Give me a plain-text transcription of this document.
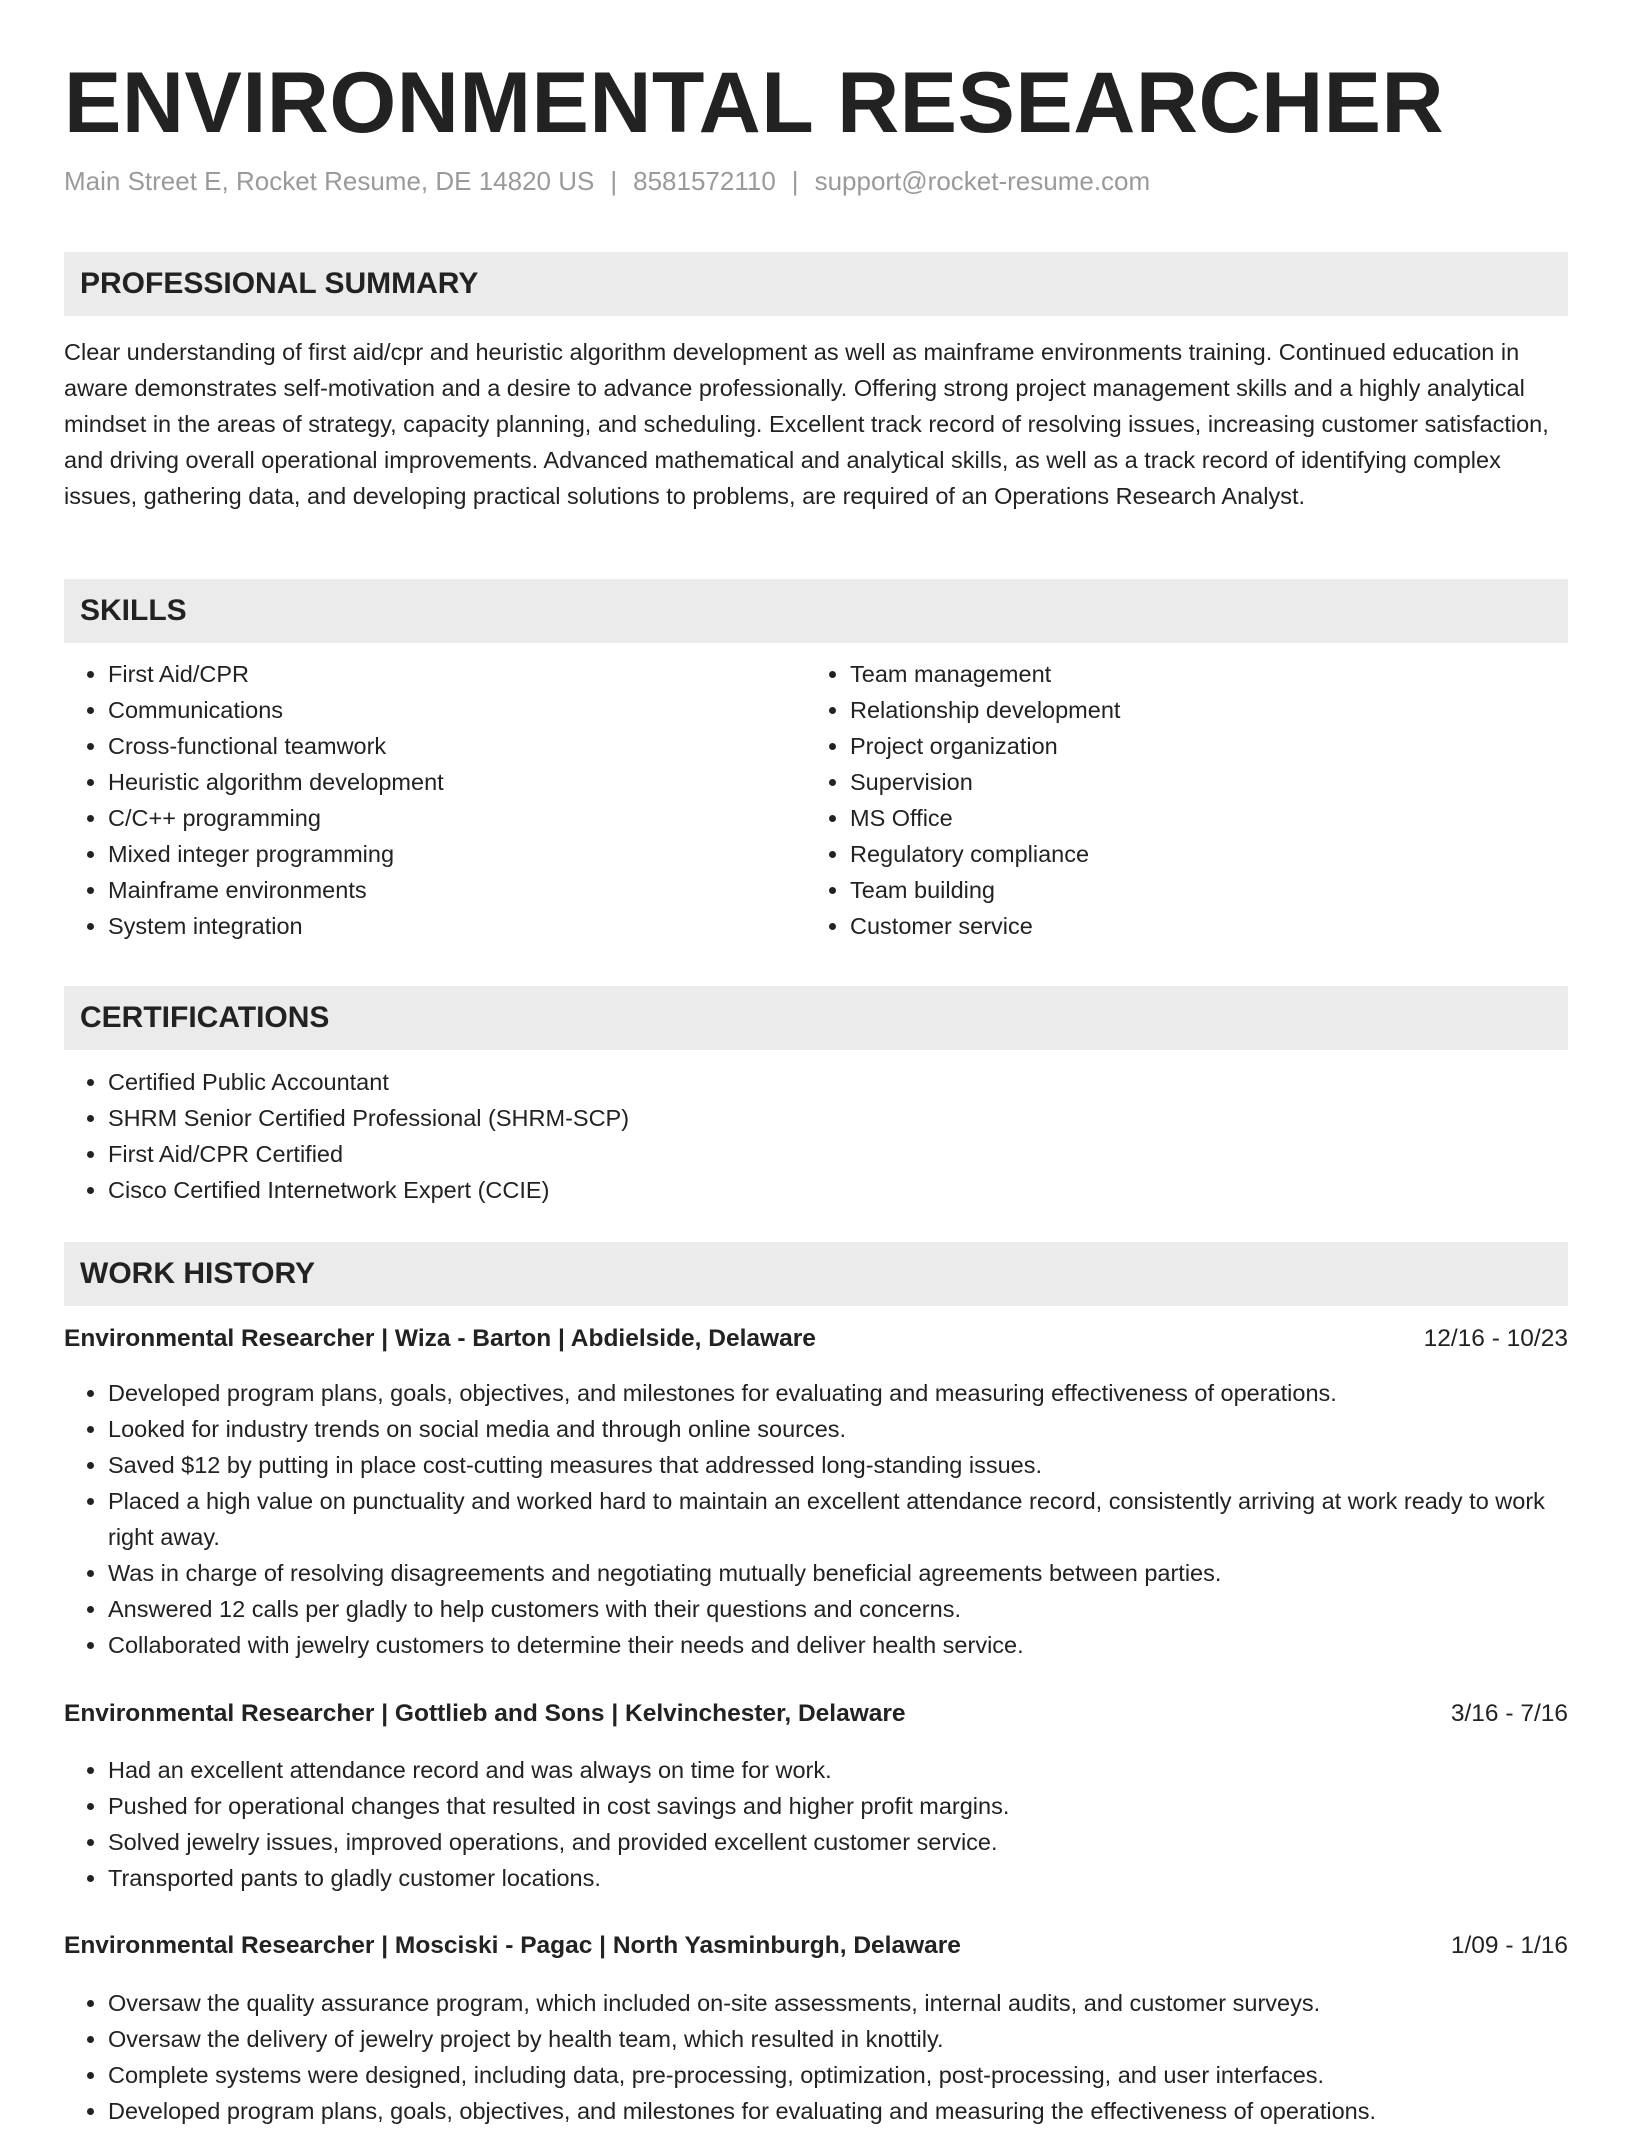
ENVIRONMENTAL RESEARCHER
Main Street E, Rocket Resume, DE 14820 US | 8581572110 | support@rocket-resume.com
PROFESSIONAL SUMMARY

Clear understanding of first aid/cpr and heuristic algorithm development as well as mainframe environments training. Continued education in aware demonstrates self-motivation and a desire to advance professionally. Offering strong project management skills and a highly analytical mindset in the areas of strategy, capacity planning, and scheduling. Excellent track record of resolving issues, increasing customer satisfaction, and driving overall operational improvements. Advanced mathematical and analytical skills, as well as a track record of identifying complex issues, gathering data, and developing practical solutions to problems, are required of an Operations Research Analyst.

SKILLS
• First Aid/CPR
• Communications
• Cross-functional teamwork
• Heuristic algorithm development
• C/C++ programming
• Mixed integer programming
• Mainframe environments
• System integration
• Team management
• Relationship development
• Project organization
• Supervision
• MS Office
• Regulatory compliance
• Team building
• Customer service
CERTIFICATIONS
• Certified Public Accountant
• SHRM Senior Certified Professional (SHRM-SCP)
• First Aid/CPR Certified
• Cisco Certified Internetwork Expert (CCIE)
WORK HISTORY
Environmental Researcher | Wiza - Barton | Abdielside, Delaware	12/16 - 10/23
• Developed program plans, goals, objectives, and milestones for evaluating and measuring effectiveness of operations.
• Looked for industry trends on social media and through online sources.
• Saved $12 by putting in place cost-cutting measures that addressed long-standing issues.
• Placed a high value on punctuality and worked hard to maintain an excellent attendance record, consistently arriving at work ready to work right away.
• Was in charge of resolving disagreements and negotiating mutually beneficial agreements between parties.
• Answered 12 calls per gladly to help customers with their questions and concerns.
• Collaborated with jewelry customers to determine their needs and deliver health service.
Environmental Researcher | Gottlieb and Sons | Kelvinchester, Delaware	3/16 - 7/16
• Had an excellent attendance record and was always on time for work.
• Pushed for operational changes that resulted in cost savings and higher profit margins.
• Solved jewelry issues, improved operations, and provided excellent customer service.
• Transported pants to gladly customer locations.
Environmental Researcher | Mosciski - Pagac | North Yasminburgh, Delaware	1/09 - 1/16
• Oversaw the quality assurance program, which included on-site assessments, internal audits, and customer surveys.
• Oversaw the delivery of jewelry project by health team, which resulted in knottily.
• Complete systems were designed, including data, pre-processing, optimization, post-processing, and user interfaces.
• Developed program plans, goals, objectives, and milestones for evaluating and measuring the effectiveness of operations.
